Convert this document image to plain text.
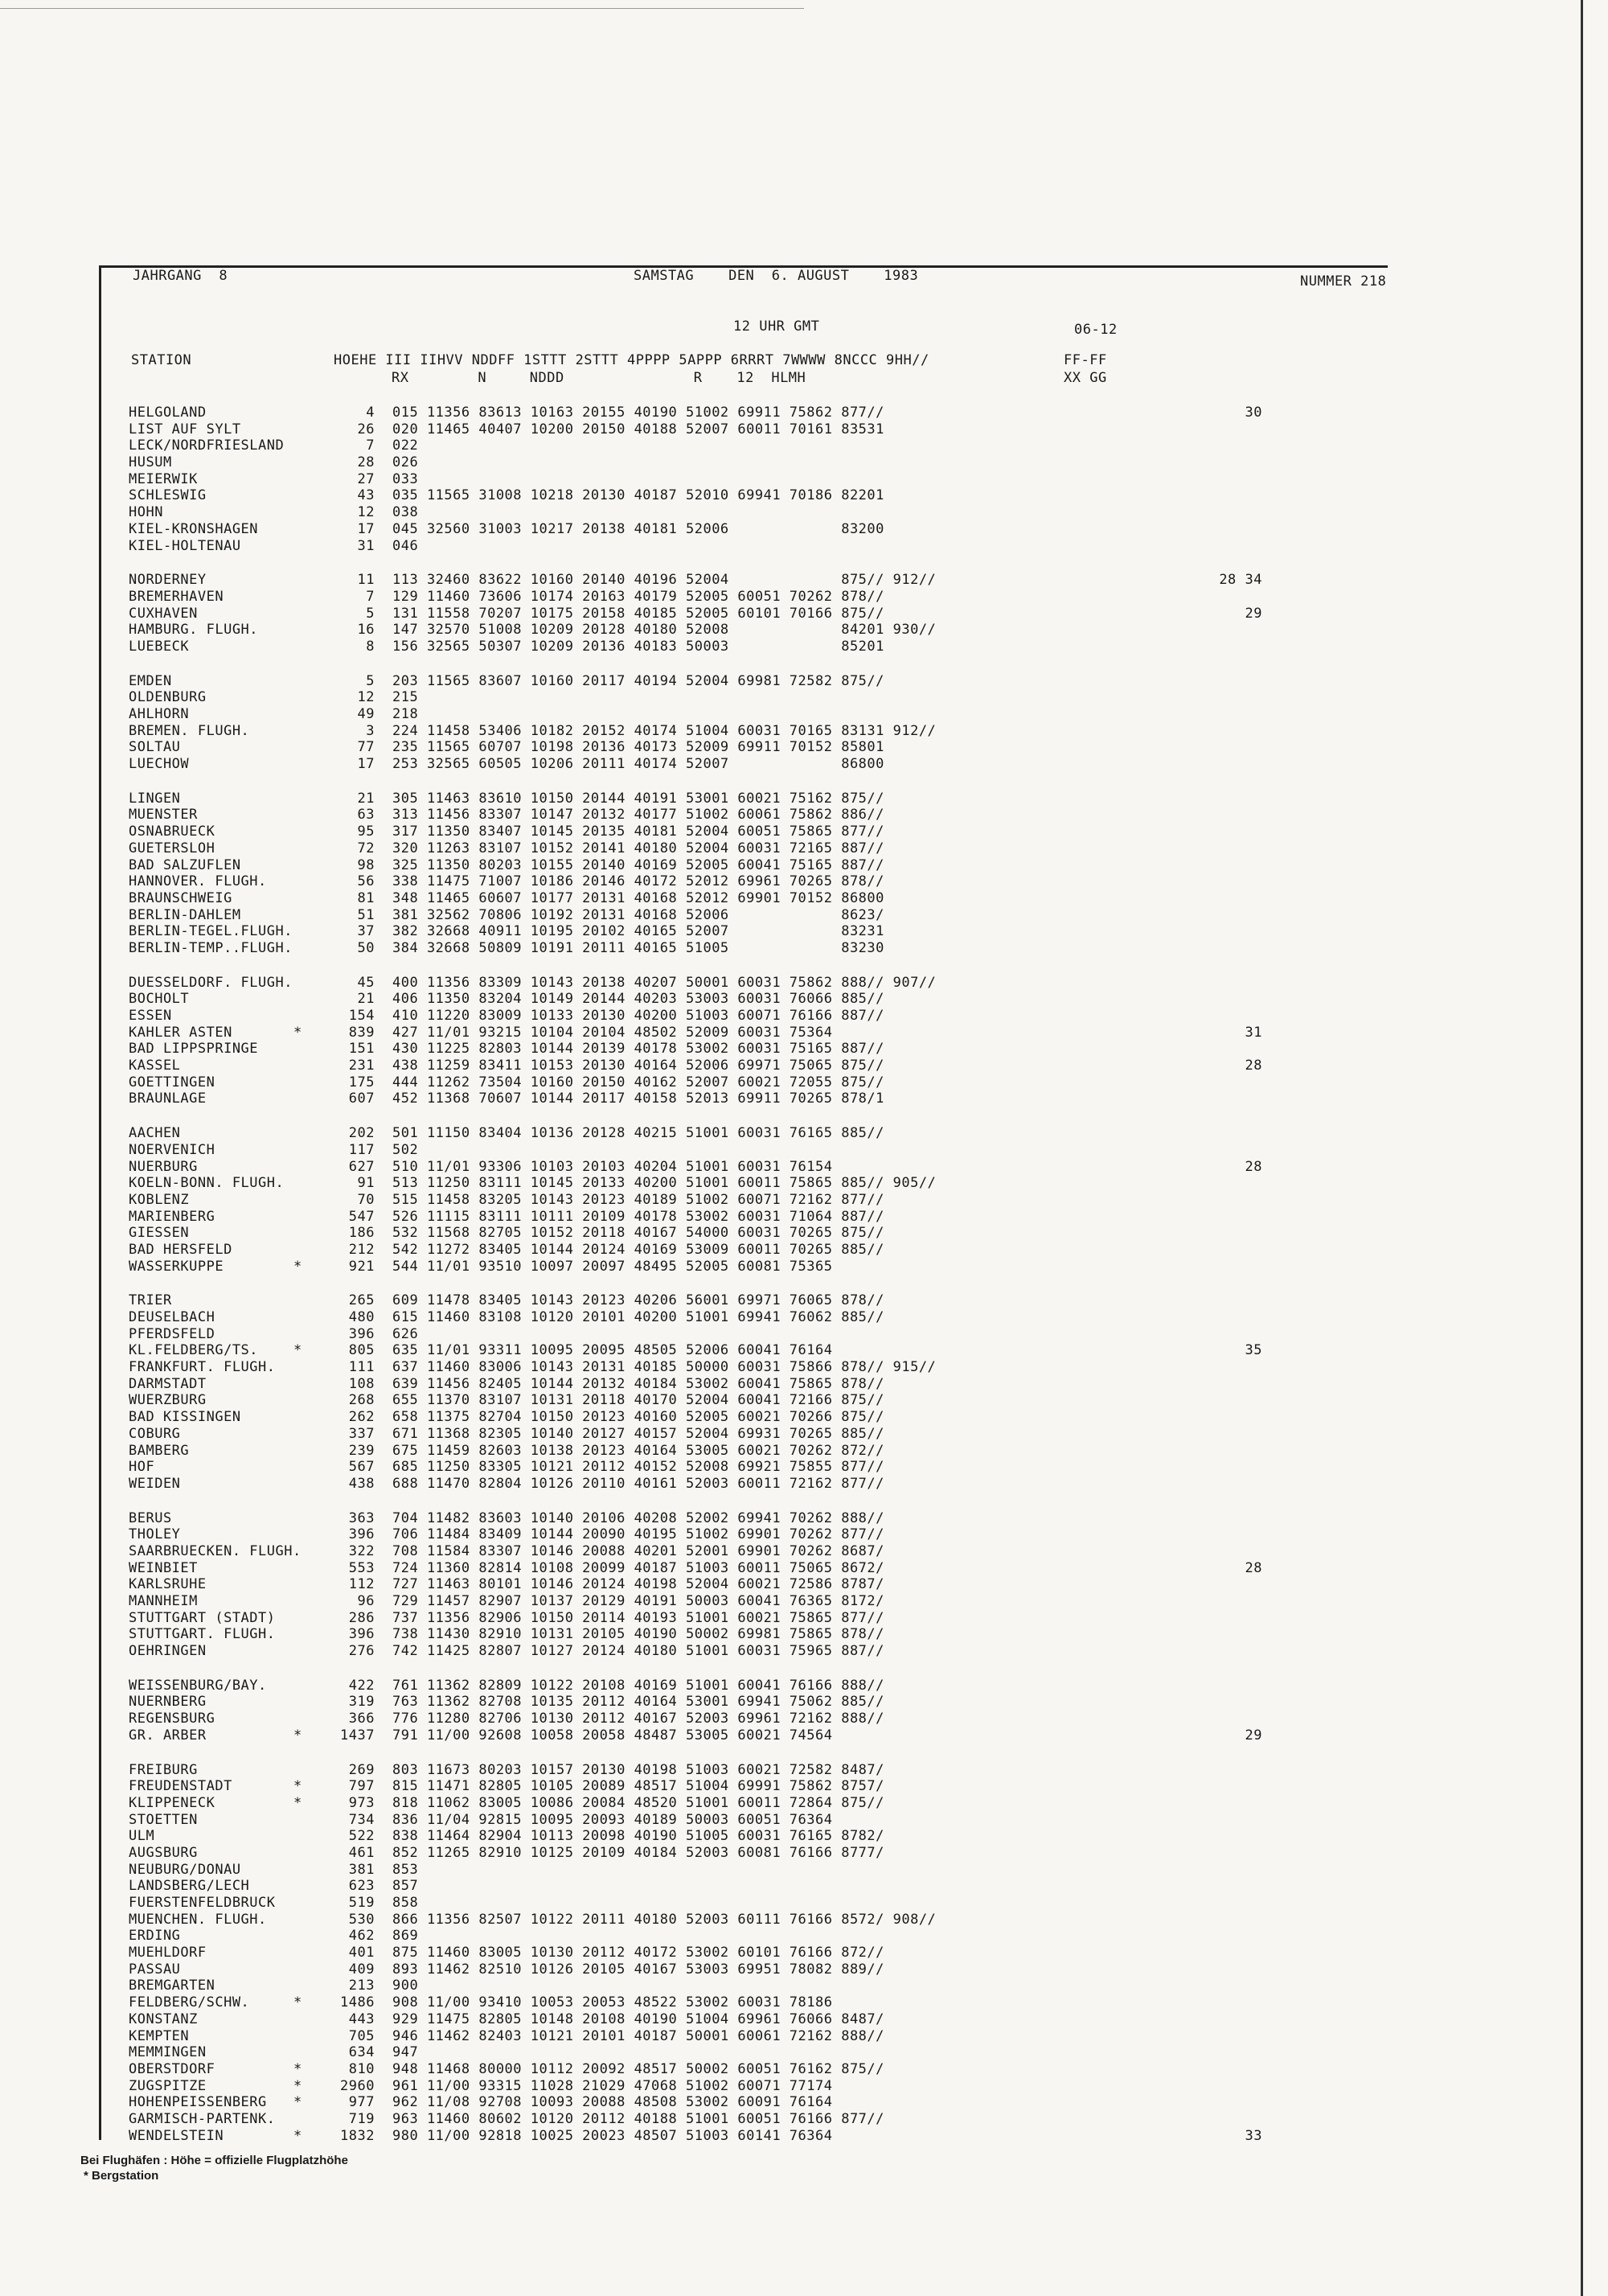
JAHRGANG  8	SAMSTAG    DEN  6. AUGUST    1983	NUMMER 218
12 UHR GMT	06-12
STATION	HOEHE III IIHVV NDDFF 1STTT 2STTT 4PPPP 5APPP 6RRRT 7WWWW 8NCCC 9HH//	FF-FF
RX        N     NDDD               R    12  HLMH	XX GG
HELGOLAND	4 015 11356 83613 10163 20155 40190 51002 69911 75862 877//	30
LIST AUF SYLT	26 020 11465 40407 10200 20150 40188 52007 60011 70161 83531
LECK/NORDFRIESLAND	7 022
HUSUM	28 026
MEIERWIK	27 033
SCHLESWIG	43 035 11565 31008 10218 20130 40187 52010 69941 70186 82201
HOHN	12 038
KIEL-KRONSHAGEN	17 045 32560 31003 10217 20138 40181 52006             83200
KIEL-HOLTENAU	31 046
NORDERNEY	11 113 32460 83622 10160 20140 40196 52004             875// 912//	28 34
BREMERHAVEN	7 129 11460 73606 10174 20163 40179 52005 60051 70262 878//
CUXHAVEN	5 131 11558 70207 10175 20158 40185 52005 60101 70166 875//	29
HAMBURG. FLUGH.	16 147 32570 51008 10209 20128 40180 52008             84201 930//
LUEBECK	8 156 32565 50307 10209 20136 40183 50003             85201
EMDEN	5 203 11565 83607 10160 20117 40194 52004 69981 72582 875//
OLDENBURG	12 215
AHLHORN	49 218
BREMEN. FLUGH.	3 224 11458 53406 10182 20152 40174 51004 60031 70165 83131 912//
SOLTAU	77 235 11565 60707 10198 20136 40173 52009 69911 70152 85801
LUECHOW	17 253 32565 60505 10206 20111 40174 52007             86800
LINGEN	21 305 11463 83610 10150 20144 40191 53001 60021 75162 875//
MUENSTER	63 313 11456 83307 10147 20132 40177 51002 60061 75862 886//
OSNABRUECK	95 317 11350 83407 10145 20135 40181 52004 60051 75865 877//
GUETERSLOH	72 320 11263 83107 10152 20141 40180 52004 60031 72165 887//
BAD SALZUFLEN	98 325 11350 80203 10155 20140 40169 52005 60041 75165 887//
HANNOVER. FLUGH.	56 338 11475 71007 10186 20146 40172 52012 69961 70265 878//
BRAUNSCHWEIG	81 348 11465 60607 10177 20131 40168 52012 69901 70152 86800
BERLIN-DAHLEM	51 381 32562 70806 10192 20131 40168 52006             8623/
BERLIN-TEGEL.FLUGH.	37 382 32668 40911 10195 20102 40165 52007             83231
BERLIN-TEMP..FLUGH.	50 384 32668 50809 10191 20111 40165 51005             83230
DUESSELDORF. FLUGH.	45 400 11356 83309 10143 20138 40207 50001 60031 75862 888// 907//
BOCHOLT	21 406 11350 83204 10149 20144 40203 53003 60031 76066 885//
ESSEN	154 410 11220 83009 10133 20130 40200 51003 60071 76166 887//
KAHLER ASTEN	*	839 427 11/01 93215 10104 20104 48502 52009 60031 75364	31
BAD LIPPSPRINGE	151 430 11225 82803 10144 20139 40178 53002 60031 75165 887//
KASSEL	231 438 11259 83411 10153 20130 40164 52006 69971 75065 875//	28
GOETTINGEN	175 444 11262 73504 10160 20150 40162 52007 60021 72055 875//
BRAUNLAGE	607 452 11368 70607 10144 20117 40158 52013 69911 70265 878/1
AACHEN	202 501 11150 83404 10136 20128 40215 51001 60031 76165 885//
NOERVENICH	117 502
NUERBURG	627 510 11/01 93306 10103 20103 40204 51001 60031 76154	28
KOELN-BONN. FLUGH.	91 513 11250 83111 10145 20133 40200 51001 60011 75865 885// 905//
KOBLENZ	70 515 11458 83205 10143 20123 40189 51002 60071 72162 877//
MARIENBERG	547 526 11115 83111 10111 20109 40178 53002 60031 71064 887//
GIESSEN	186 532 11568 82705 10152 20118 40167 54000 60031 70265 875//
BAD HERSFELD	212 542 11272 83405 10144 20124 40169 53009 60011 70265 885//
WASSERKUPPE	*	921 544 11/01 93510 10097 20097 48495 52005 60081 75365
TRIER	265 609 11478 83405 10143 20123 40206 56001 69971 76065 878//
DEUSELBACH	480 615 11460 83108 10120 20101 40200 51001 69941 76062 885//
PFERDSFELD	396 626
KL.FELDBERG/TS.	*	805 635 11/01 93311 10095 20095 48505 52006 60041 76164	35
FRANKFURT. FLUGH.	111 637 11460 83006 10143 20131 40185 50000 60031 75866 878// 915//
DARMSTADT	108 639 11456 82405 10144 20132 40184 53002 60041 75865 878//
WUERZBURG	268 655 11370 83107 10131 20118 40170 52004 60041 72166 875//
BAD KISSINGEN	262 658 11375 82704 10150 20123 40160 52005 60021 70266 875//
COBURG	337 671 11368 82305 10140 20127 40157 52004 69931 70265 885//
BAMBERG	239 675 11459 82603 10138 20123 40164 53005 60021 70262 872//
HOF	567 685 11250 83305 10121 20112 40152 52008 69921 75855 877//
WEIDEN	438 688 11470 82804 10126 20110 40161 52003 60011 72162 877//
BERUS	363 704 11482 83603 10140 20106 40208 52002 69941 70262 888//
THOLEY	396 706 11484 83409 10144 20090 40195 51002 69901 70262 877//
SAARBRUECKEN. FLUGH.	322 708 11584 83307 10146 20088 40201 52001 69901 70262 8687/
WEINBIET	553 724 11360 82814 10108 20099 40187 51003 60011 75065 8672/	28
KARLSRUHE	112 727 11463 80101 10146 20124 40198 52004 60021 72586 8787/
MANNHEIM	96 729 11457 82907 10137 20129 40191 50003 60041 76365 8172/
STUTTGART (STADT)	286 737 11356 82906 10150 20114 40193 51001 60021 75865 877//
STUTTGART. FLUGH.	396 738 11430 82910 10131 20105 40190 50002 69981 75865 878//
OEHRINGEN	276 742 11425 82807 10127 20124 40180 51001 60031 75965 887//
WEISSENBURG/BAY.	422 761 11362 82809 10122 20108 40169 51001 60041 76166 888//
NUERNBERG	319 763 11362 82708 10135 20112 40164 53001 69941 75062 885//
REGENSBURG	366 776 11280 82706 10130 20112 40167 52003 69961 72162 888//
GR. ARBER	*	1437 791 11/00 92608 10058 20058 48487 53005 60021 74564	29
FREIBURG	269 803 11673 80203 10157 20130 40198 51003 60021 72582 8487/
FREUDENSTADT	*	797 815 11471 82805 10105 20089 48517 51004 69991 75862 8757/
KLIPPENECK	*	973 818 11062 83005 10086 20084 48520 51001 60011 72864 875//
STOETTEN	734 836 11/04 92815 10095 20093 40189 50003 60051 76364
ULM	522 838 11464 82904 10113 20098 40190 51005 60031 76165 8782/
AUGSBURG	461 852 11265 82910 10125 20109 40184 52003 60081 76166 8777/
NEUBURG/DONAU	381 853
LANDSBERG/LECH	623 857
FUERSTENFELDBRUCK	519 858
MUENCHEN. FLUGH.	530 866 11356 82507 10122 20111 40180 52003 60111 76166 8572/ 908//
ERDING	462 869
MUEHLDORF	401 875 11460 83005 10130 20112 40172 53002 60101 76166 872//
PASSAU	409 893 11462 82510 10126 20105 40167 53003 69951 78082 889//
BREMGARTEN	213 900
FELDBERG/SCHW.	*	1486 908 11/00 93410 10053 20053 48522 53002 60031 78186
KONSTANZ	443 929 11475 82805 10148 20108 40190 51004 69961 76066 8487/
KEMPTEN	705 946 11462 82403 10121 20101 40187 50001 60061 72162 888//
MEMMINGEN	634 947
OBERSTDORF	*	810 948 11468 80000 10112 20092 48517 50002 60051 76162 875//
ZUGSPITZE	*	2960 961 11/00 93315 11028 21029 47068 51002 60071 77174
HOHENPEISSENBERG *	977 962 11/08 92708 10093 20088 48508 53002 60091 76164
GARMISCH-PARTENK.	719 963 11460 80602 10120 20112 40188 51001 60051 76166 877//
WENDELSTEIN	*	1832 980 11/00 92818 10025 20023 48507 51003 60141 76364	33
Bei Flughäfen : Höhe = offizielle Flugplatzhöhe
* Bergstation
